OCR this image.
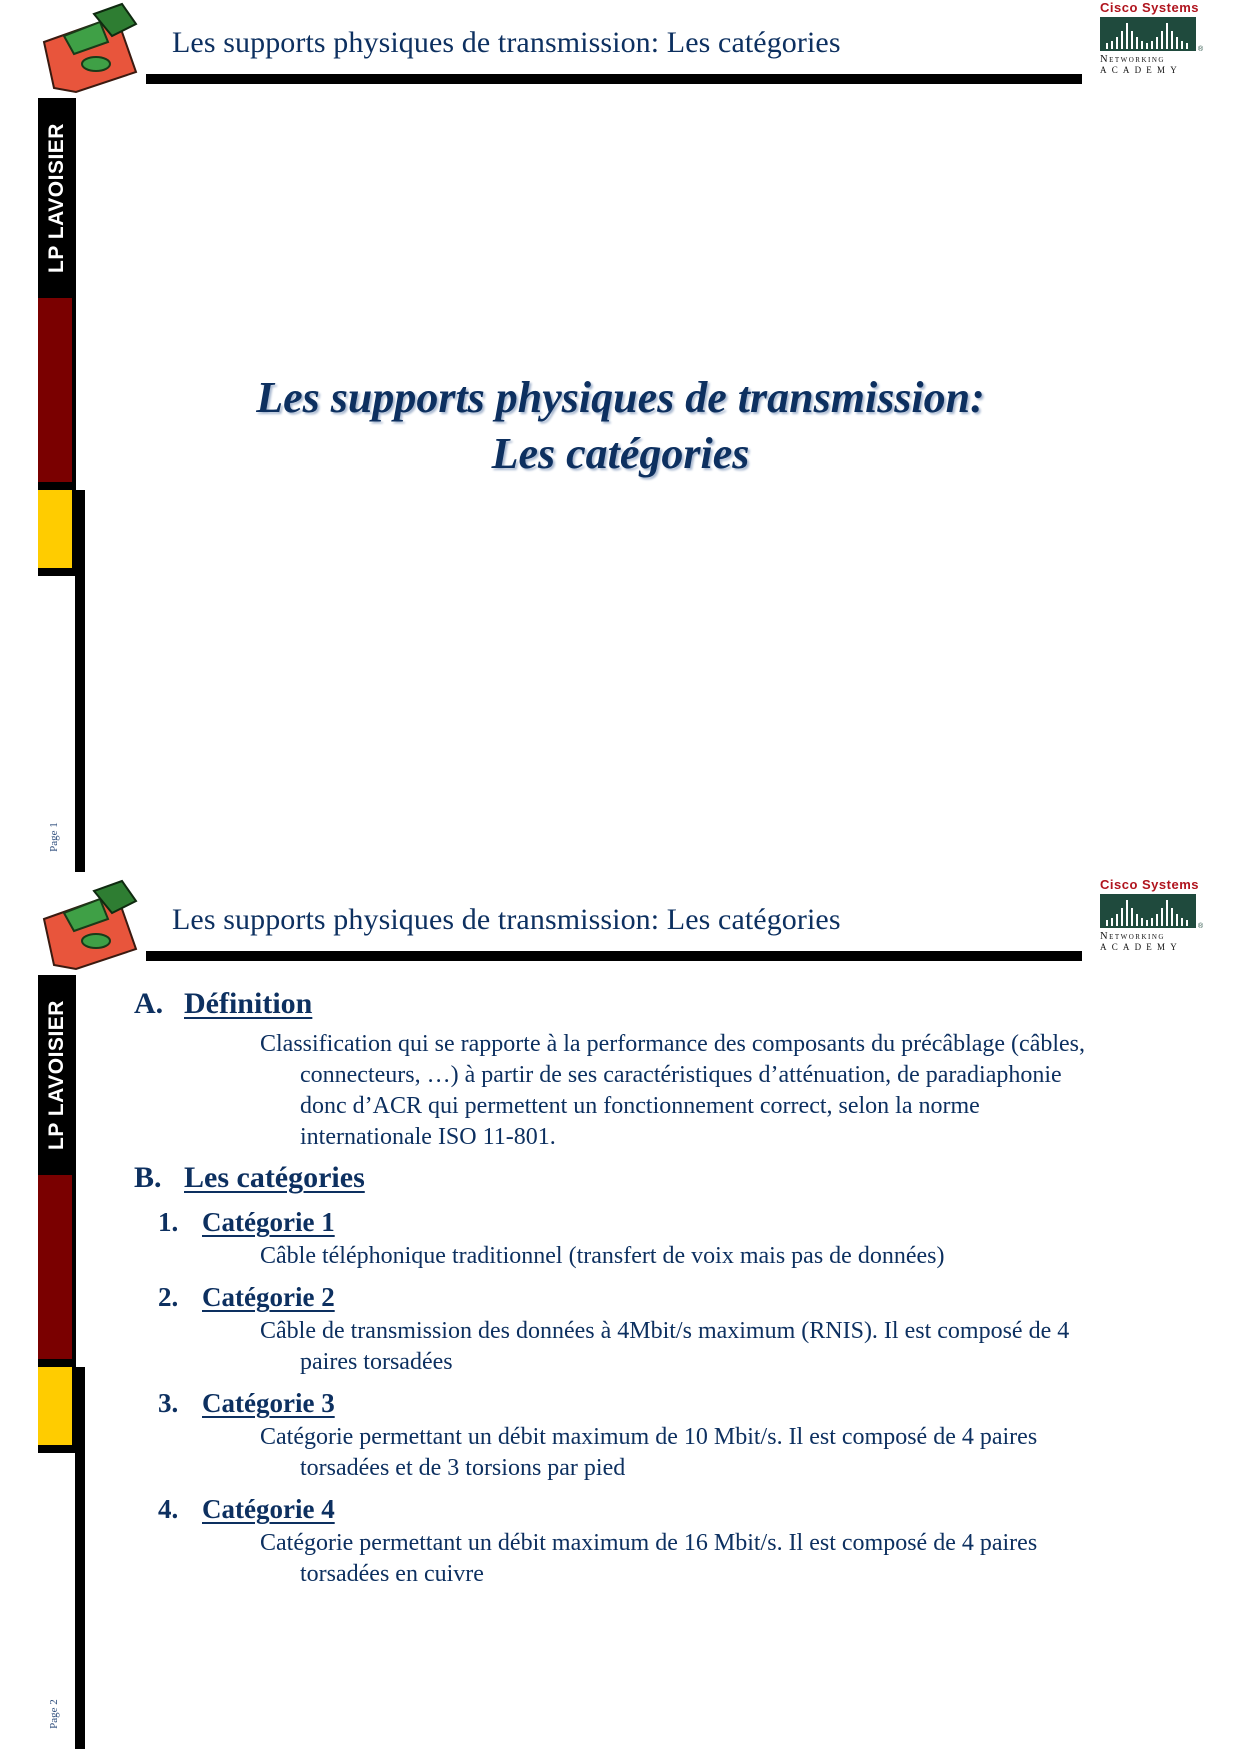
Les supports physiques de transmission: Les catégories
Cisco Systems
®
Networking
ACADEMY
LP LAVOISIER
Page 1
Les supports physiques de transmission:
Les catégories
Les supports physiques de transmission: Les catégories
Cisco Systems
®
Networking
ACADEMY
LP LAVOISIER
Page 2
A. Définition
Classification qui se rapporte à la performance des composants du précâblage (câbles, connecteurs, …) à partir de ses caractéristiques d’atténuation, de paradiaphonie donc d’ACR qui permettent un fonctionnement correct, selon la norme internationale ISO 11-801.
B. Les catégories
1. Catégorie 1
Câble téléphonique traditionnel (transfert de voix mais pas de données)
2. Catégorie 2
Câble de transmission des données à 4Mbit/s maximum (RNIS). Il est composé de 4 paires torsadées
3. Catégorie 3
Catégorie permettant un débit maximum de 10 Mbit/s. Il est composé de 4 paires torsadées et de 3 torsions par pied
4. Catégorie 4
Catégorie permettant un débit maximum de 16 Mbit/s. Il est composé de 4 paires torsadées en cuivre
